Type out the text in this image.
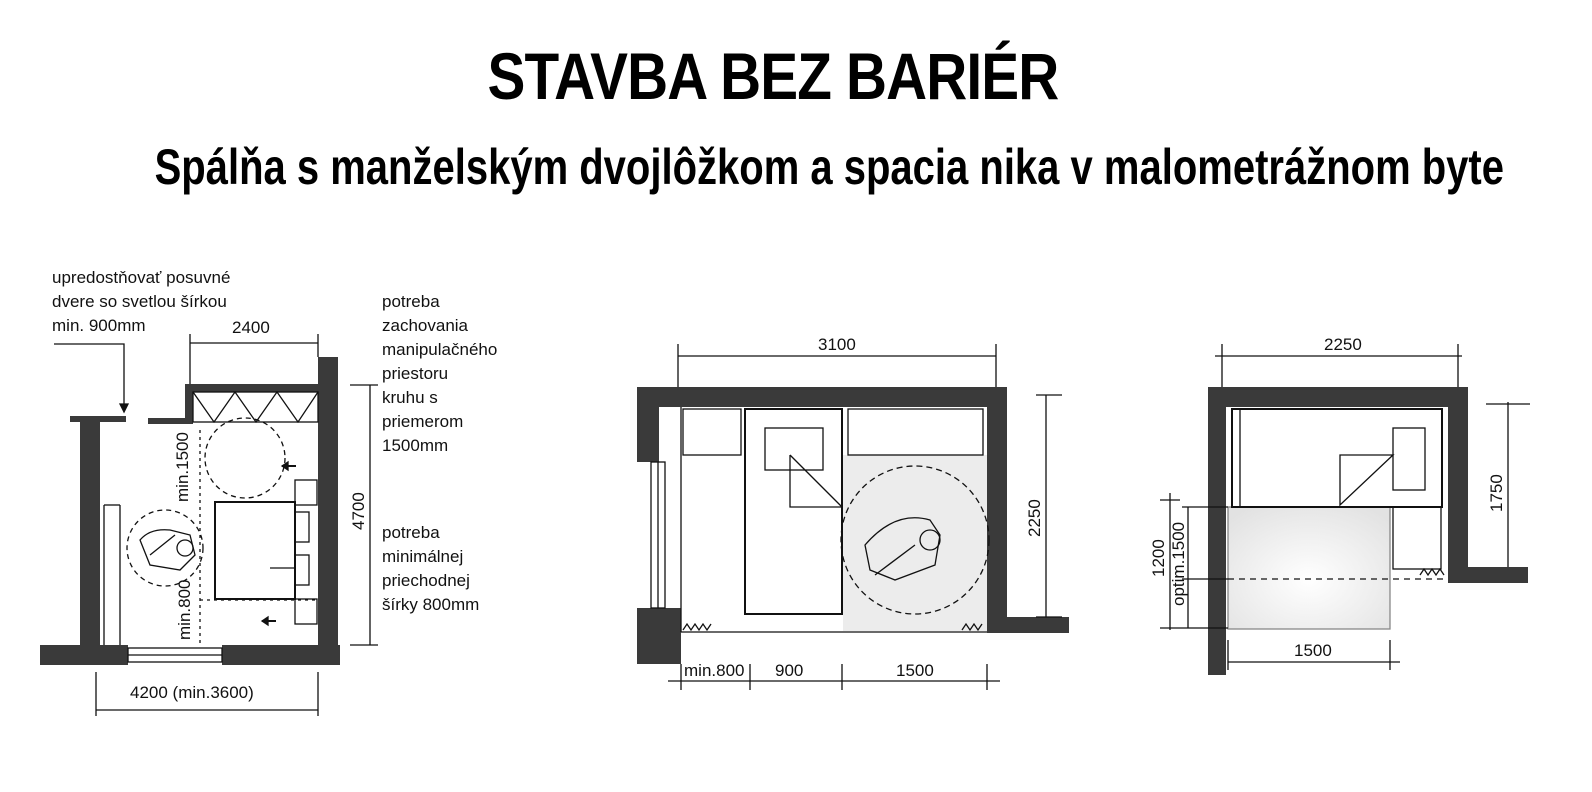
STAVBA BEZ BARIÉR
Spálňa s manželským dvojlôžkom a spacia nika v malometrážnom byte
upredostňovať posuvné
dvere so svetlou šírkou
min. 900mm	2400
potreba
zachovania
manipulačného
priestoru
kruhu s
priemerom
1500mm
potreba
minimálnej
priechodnej
šírky 800mm
4700
min.1500
min.800
4200 (min.3600)
3100
2250
min.800 900	1500
2250
1750
1200 optim.1500
1500
